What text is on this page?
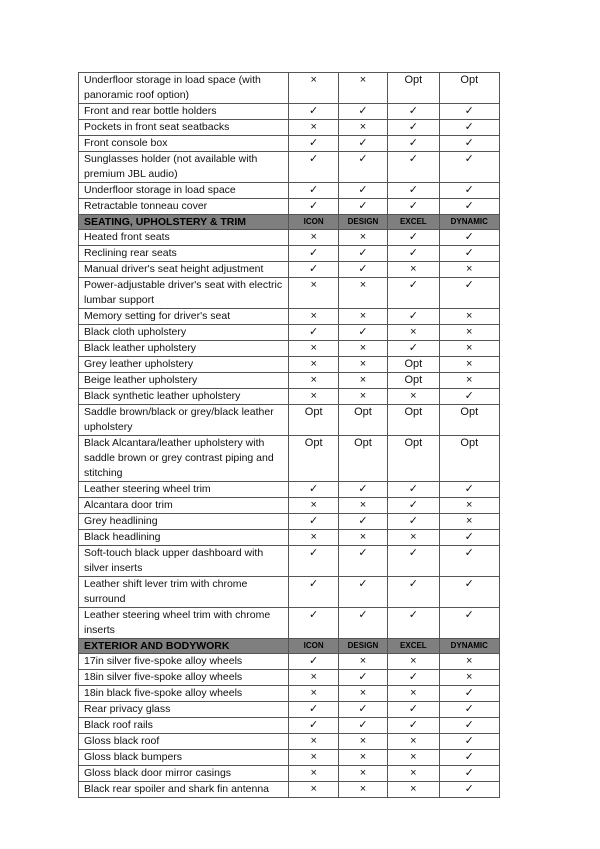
Underfloor storage in load space (with panoramic roof option)	×	×	Opt	Opt
Front and rear bottle holders	✓	✓	✓	✓
Pockets in front seat seatbacks	×	×	✓	✓
Front console box	✓	✓	✓	✓
Sunglasses holder (not available with premium JBL audio)	✓	✓	✓	✓
Underfloor storage in load space	✓	✓	✓	✓
Retractable tonneau cover	✓	✓	✓	✓
SEATING, UPHOLSTERY & TRIM	ICON	DESIGN	EXCEL	DYNAMIC
Heated front seats	×	×	✓	✓
Reclining rear seats	✓	✓	✓	✓
Manual driver's seat height adjustment	✓	✓	×	×
Power-adjustable driver's seat with electric lumbar support	×	×	✓	✓
Memory setting for driver's seat	×	×	✓	×
Black cloth upholstery	✓	✓	×	×
Black leather upholstery	×	×	✓	×
Grey leather upholstery	×	×	Opt	×
Beige leather upholstery	×	×	Opt	×
Black synthetic leather upholstery	×	×	×	✓
Saddle brown/black or grey/black leather upholstery	Opt	Opt	Opt	Opt
Black Alcantara/leather upholstery with saddle brown or grey contrast piping and stitching	Opt	Opt	Opt	Opt
Leather steering wheel trim	✓	✓	✓	✓
Alcantara door trim	×	×	✓	×
Grey headlining	✓	✓	✓	×
Black headlining	×	×	×	✓
Soft-touch black upper dashboard with silver inserts	✓	✓	✓	✓
Leather shift lever trim with chrome surround	✓	✓	✓	✓
Leather steering wheel trim with chrome inserts	✓	✓	✓	✓
EXTERIOR AND BODYWORK	ICON	DESIGN	EXCEL	DYNAMIC
17in silver five-spoke alloy wheels	✓	×	×	×
18in silver five-spoke alloy wheels	×	✓	✓	×
18in black five-spoke alloy wheels	×	×	×	✓
Rear privacy glass	✓	✓	✓	✓
Black roof rails	✓	✓	✓	✓
Gloss black roof	×	×	×	✓
Gloss black bumpers	×	×	×	✓
Gloss black door mirror casings	×	×	×	✓
Black rear spoiler and shark fin antenna	×	×	×	✓
